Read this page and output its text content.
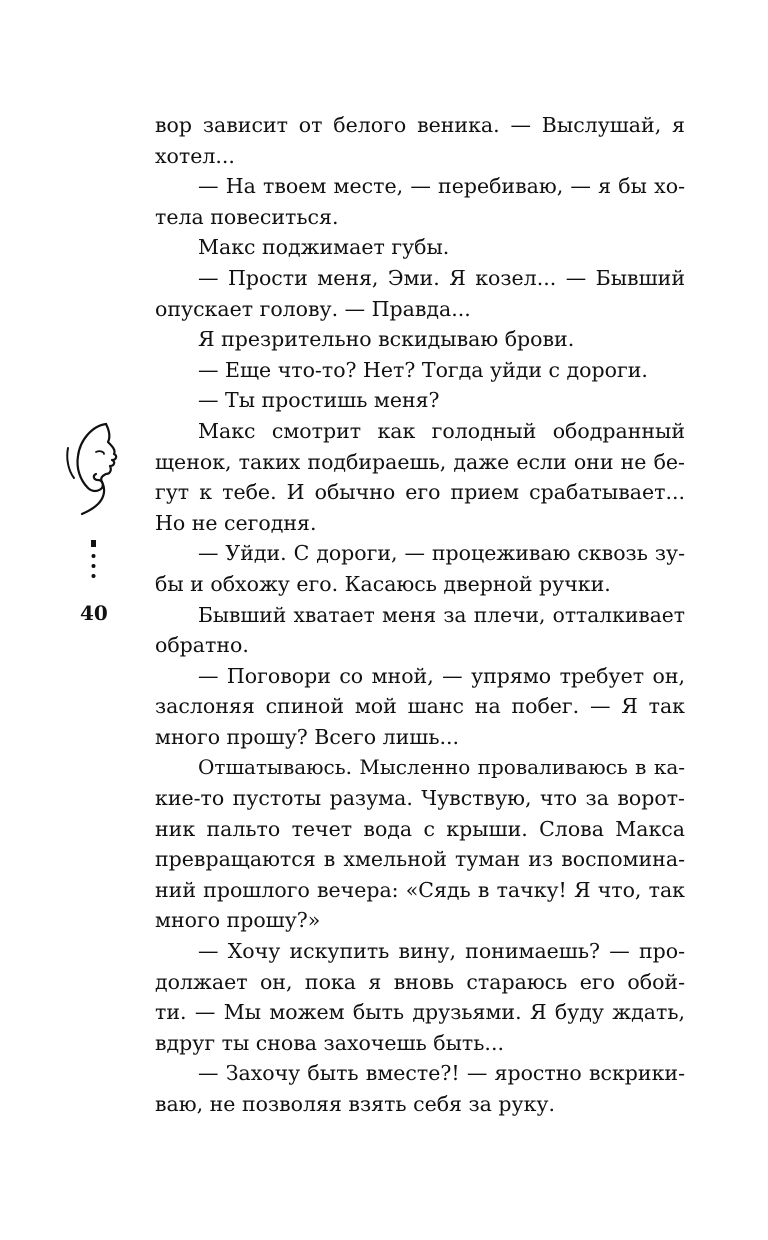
40
вор зависит от белого веника. — Выслушай, я
хотел...
— На твоем месте, — перебиваю, — я бы хо-
тела повеситься.
Макс поджимает губы.
— Прости меня, Эми. Я козел... — Бывший
опускает голову. — Правда...
Я презрительно вскидываю брови.
— Еще что-то? Нет? Тогда уйди с дороги.
— Ты простишь меня?
Макс смотрит как голодный ободранный
щенок, таких подбираешь, даже если они не бе-
гут к тебе. И обычно его прием срабатывает...
Но не сегодня.
— Уйди. С дороги, — процеживаю сквозь зу-
бы и обхожу его. Касаюсь дверной ручки.
Бывший хватает меня за плечи, отталкивает
обратно.
— Поговори со мной, — упрямо требует он,
заслоняя спиной мой шанс на побег. — Я так
много прошу? Всего лишь...
Отшатываюсь. Мысленно проваливаюсь в ка-
кие-то пустоты разума. Чувствую, что за ворот-
ник пальто течет вода с крыши. Слова Макса
превращаются в хмельной туман из воспомина-
ний прошлого вечера: «Сядь в тачку! Я что, так
много прошу?»
— Хочу искупить вину, понимаешь? — про-
должает он, пока я вновь стараюсь его обой-
ти. — Мы можем быть друзьями. Я буду ждать,
вдруг ты снова захочешь быть...
— Захочу быть вместе?! — яростно вскрики-
ваю, не позволяя взять себя за руку.
